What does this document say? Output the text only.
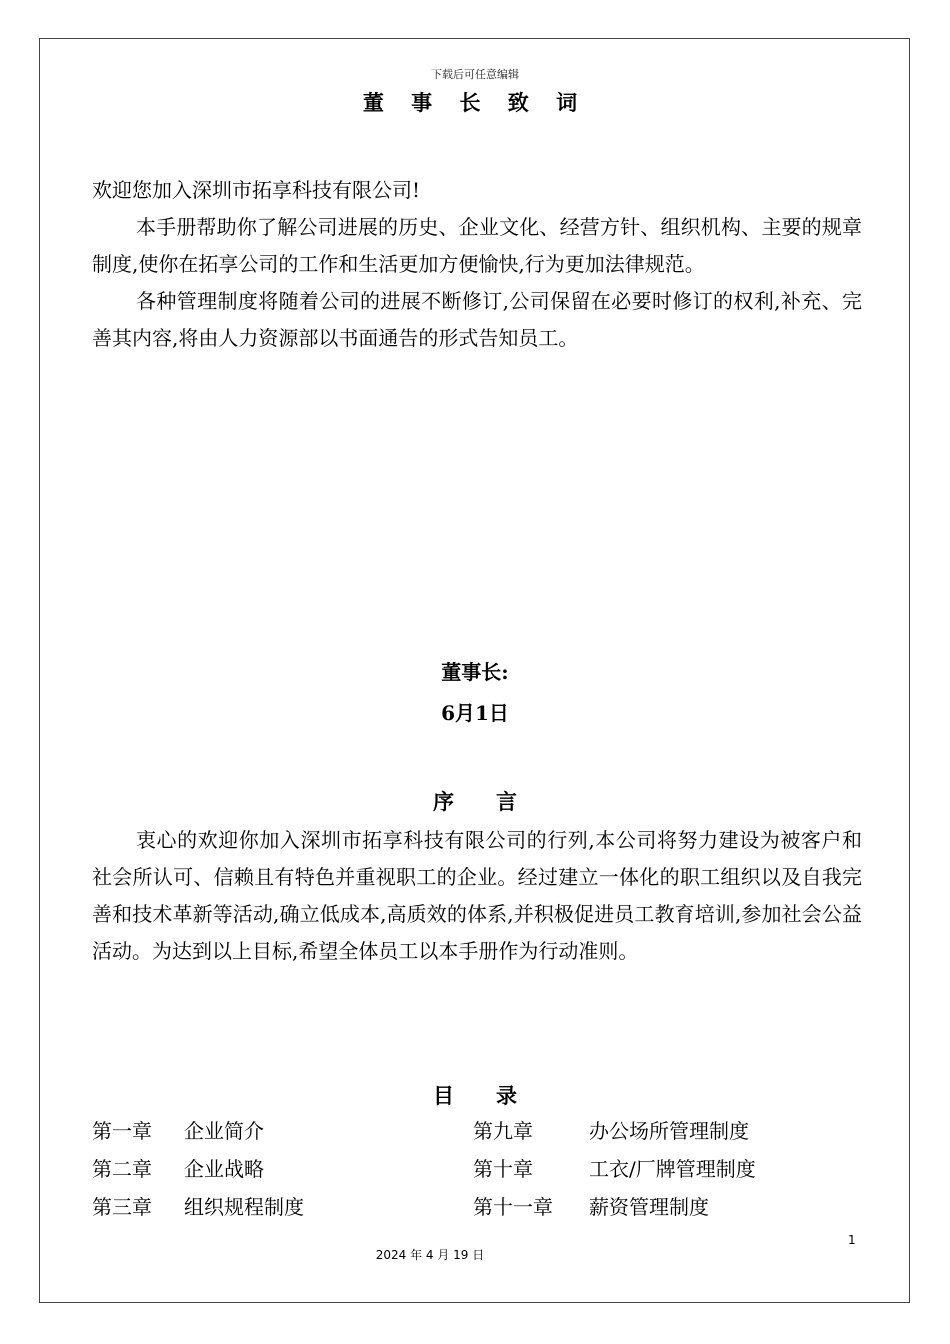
下载后可任意编辑
董 事 长 致 词

欢迎您加入深圳市拓享科技有限公司!

本手册帮助你了解公司进展的历史、企业文化、经营方针、组织机构、主要的规章制度,使你在拓享公司的工作和生活更加方便愉快,行为更加法律规范。

各种管理制度将随着公司的进展不断修订,公司保留在必要时修订的权利,补充、完善其内容,将由人力资源部以书面通告的形式告知员工。

董事长:
6月1日
序　　言
衷心的欢迎你加入深圳市拓享科技有限公司的行列,本公司将努力建设为被客户和社会所认可、信赖且有特色并重视职工的企业。经过建立一体化的职工组织以及自我完善和技术革新等活动,确立低成本,高质效的体系,并积极促进员工教育培训,参加社会公益活动。为达到以上目标,希望全体员工以本手册作为行动准则。
目　　录
第一章 企业简介	第九章	办公场所管理制度
第二章 企业战略	第十章	工衣/厂牌管理制度
第三章 组织规程制度	第十一章 薪资管理制度
1
2024 年 4 月 19 日
